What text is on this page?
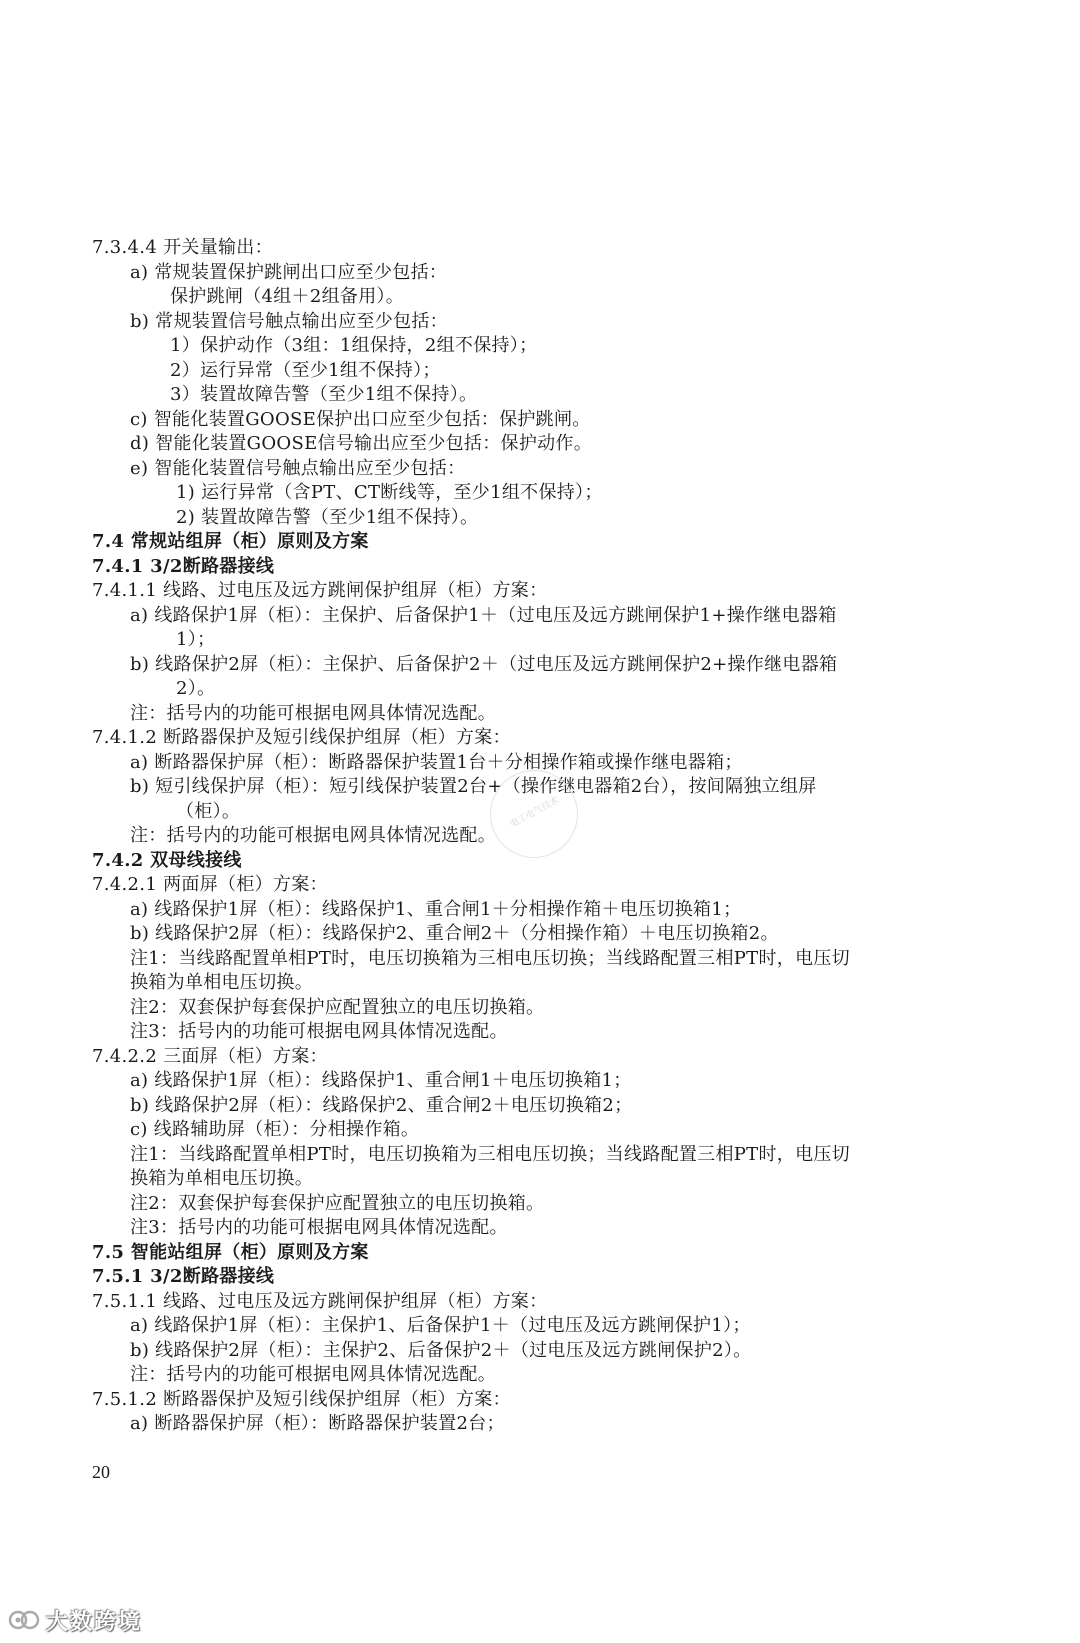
7.3.4.4 开关量输出：
a) 常规装置保护跳闸出口应至少包括：
保护跳闸（4组＋2组备用）。
b) 常规装置信号触点输出应至少包括：
1）保护动作（3组：1组保持，2组不保持）；
2）运行异常（至少1组不保持）；
3）装置故障告警（至少1组不保持）。
c) 智能化装置GOOSE保护出口应至少包括：保护跳闸。
d) 智能化装置GOOSE信号输出应至少包括：保护动作。
e) 智能化装置信号触点输出应至少包括：
1) 运行异常（含PT、CT断线等，至少1组不保持）；
2) 装置故障告警（至少1组不保持）。
7.4 常规站组屏（柜）原则及方案
7.4.1 3/2断路器接线
7.4.1.1 线路、过电压及远方跳闸保护组屏（柜）方案：
a) 线路保护1屏（柜）：主保护、后备保护1＋（过电压及远方跳闸保护1+操作继电器箱
1）；
b) 线路保护2屏（柜）：主保护、后备保护2＋（过电压及远方跳闸保护2+操作继电器箱
2）。
注：括号内的功能可根据电网具体情况选配。
7.4.1.2 断路器保护及短引线保护组屏（柜）方案：
a) 断路器保护屏（柜）：断路器保护装置1台＋分相操作箱或操作继电器箱；
b) 短引线保护屏（柜）：短引线保护装置2台+（操作继电器箱2台），按间隔独立组屏
（柜）。
注：括号内的功能可根据电网具体情况选配。
7.4.2 双母线接线
7.4.2.1 两面屏（柜）方案：
a) 线路保护1屏（柜）：线路保护1、重合闸1＋分相操作箱＋电压切换箱1；
b) 线路保护2屏（柜）：线路保护2、重合闸2＋（分相操作箱）＋电压切换箱2。
注1：当线路配置单相PT时，电压切换箱为三相电压切换；当线路配置三相PT时，电压切
换箱为单相电压切换。
注2：双套保护每套保护应配置独立的电压切换箱。
注3：括号内的功能可根据电网具体情况选配。
7.4.2.2 三面屏（柜）方案：
a) 线路保护1屏（柜）：线路保护1、重合闸1＋电压切换箱1；
b) 线路保护2屏（柜）：线路保护2、重合闸2＋电压切换箱2；
c) 线路辅助屏（柜）：分相操作箱。
注1：当线路配置单相PT时，电压切换箱为三相电压切换；当线路配置三相PT时，电压切
换箱为单相电压切换。
注2：双套保护每套保护应配置独立的电压切换箱。
注3：括号内的功能可根据电网具体情况选配。
7.5 智能站组屏（柜）原则及方案
7.5.1 3/2断路器接线
7.5.1.1 线路、过电压及远方跳闸保护组屏（柜）方案：
a) 线路保护1屏（柜）：主保护1、后备保护1＋（过电压及远方跳闸保护1）；
b) 线路保护2屏（柜）：主保护2、后备保护2＋（过电压及远方跳闸保护2）。
注：括号内的功能可根据电网具体情况选配。
7.5.1.2 断路器保护及短引线保护组屏（柜）方案：
a) 断路器保护屏（柜）：断路器保护装置2台；
电工电气技术
20
大数跨境
